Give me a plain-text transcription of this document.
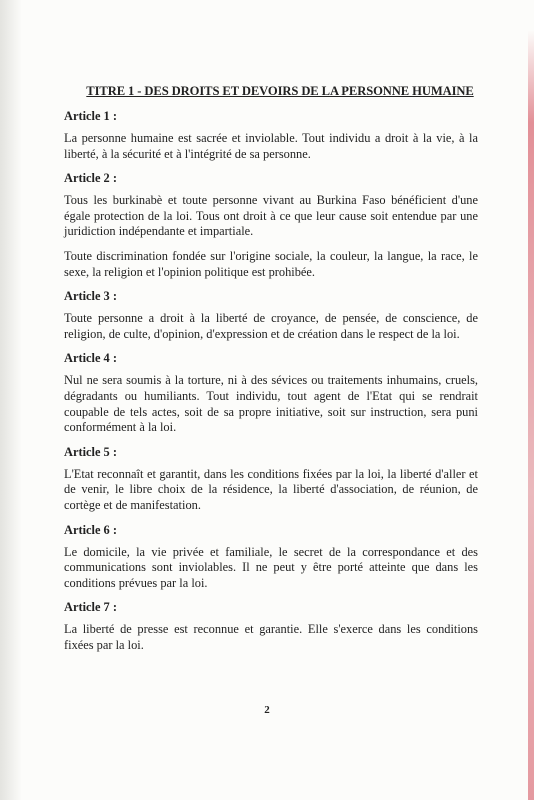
TITRE 1 - DES DROITS ET DEVOIRS DE LA PERSONNE HUMAINE
Article 1 :

La personne humaine est sacrée et inviolable. Tout individu a droit à la vie, à la liberté, à la sécurité et à l'intégrité de sa personne.

Article 2 :

Tous les burkinabè et toute personne vivant au Burkina Faso bénéficient d'une égale protection de la loi. Tous ont droit à ce que leur cause soit entendue par une juridiction indépendante et impartiale.

Toute discrimination fondée sur l'origine sociale, la couleur, la langue, la race, le sexe, la religion et l'opinion politique est prohibée.

Article 3 :

Toute personne a droit à la liberté de croyance, de pensée, de conscience, de religion, de culte, d'opinion, d'expression et de création dans le respect de la loi.

Article 4 :

Nul ne sera soumis à la torture, ni à des sévices ou traitements inhumains, cruels, dégradants ou humiliants. Tout individu, tout agent de l'Etat qui se rendrait coupable de tels actes, soit de sa propre initiative, soit sur instruction, sera puni conformément à la loi.

Article 5 :

L'Etat reconnaît et garantit, dans les conditions fixées par la loi, la liberté d'aller et de venir, le libre choix de la résidence, la liberté d'association, de réunion, de cortège et de manifestation.

Article 6 :

Le domicile, la vie privée et familiale, le secret de la correspondance et des communications sont inviolables. Il ne peut y être porté atteinte que dans les conditions prévues par la loi.

Article 7 :

La liberté de presse est reconnue et garantie. Elle s'exerce dans les conditions fixées par la loi.

2
